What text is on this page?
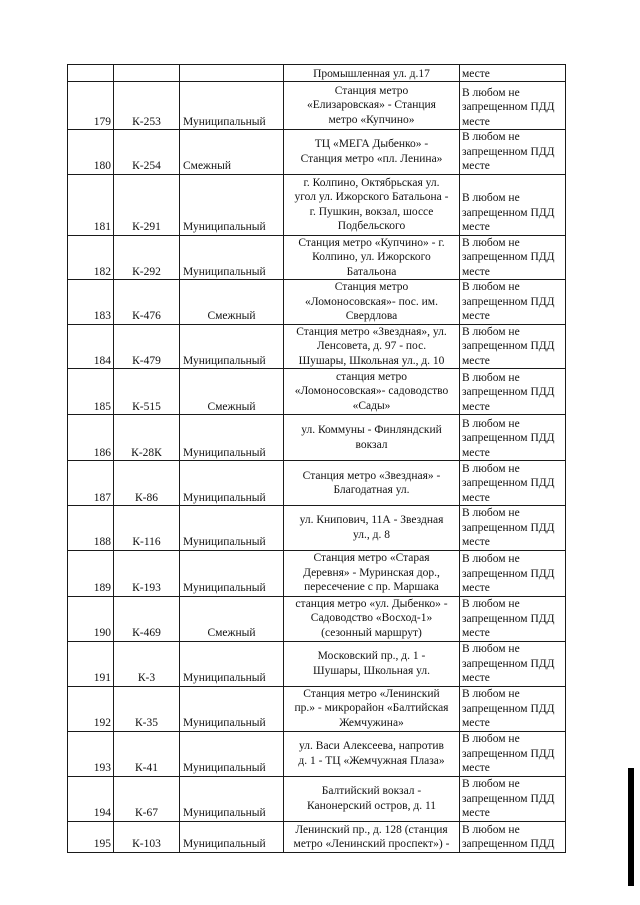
			Промышленная ул. д.17	месте
179	К-253	Муниципальный	Станция метро
«Елизаровская» - Станция
метро «Купчино»	В любом не
запрещенном ПДД
месте
180	К-254	Смежный	ТЦ «МЕГА Дыбенко» -
Станция метро «пл. Ленина»	В любом не
запрещенном ПДД
месте
181	К-291	Муниципальный	г. Колпино, Октябрьская ул.
угол ул. Ижорского Батальона -
г. Пушкин, вокзал, шоссе
Подбельского	В любом не
запрещенном ПДД
месте
182	К-292	Муниципальный	Станция метро «Купчино» - г.
Колпино, ул. Ижорского
Батальона	В любом не
запрещенном ПДД
месте
183	К-476	Смежный	Станция метро
«Ломоносовская»- пос. им.
Свердлова	В любом не
запрещенном ПДД
месте
184	К-479	Муниципальный	Станция метро «Звездная», ул.
Ленсовета, д. 97 - пос.
Шушары, Школьная ул., д. 10	В любом не
запрещенном ПДД
месте
185	К-515	Смежный	станция метро
«Ломоносовская»- садоводство
«Сады»	В любом не
запрещенном ПДД
месте
186	К-28К	Муниципальный	ул. Коммуны - Финляндский
вокзал	В любом не
запрещенном ПДД
месте
187	К-86	Муниципальный	Станция метро «Звездная» -
Благодатная ул.	В любом не
запрещенном ПДД
месте
188	К-116	Муниципальный	ул. Книпович, 11А - Звездная
ул., д. 8	В любом не
запрещенном ПДД
месте
189	К-193	Муниципальный	Станция метро «Старая
Деревня» - Муринская дор.,
пересечение с пр. Маршака	В любом не
запрещенном ПДД
месте
190	К-469	Смежный	станция метро «ул. Дыбенко» -
Садоводство «Восход-1»
(сезонный маршрут)	В любом не
запрещенном ПДД
месте
191	К-3	Муниципальный	Московский пр., д. 1 -
Шушары, Школьная ул.	В любом не
запрещенном ПДД
месте
192	К-35	Муниципальный	Станция метро «Ленинский
пр.» - микрорайон «Балтийская
Жемчужина»	В любом не
запрещенном ПДД
месте
193	К-41	Муниципальный	ул. Васи Алексеева, напротив
д. 1 - ТЦ «Жемчужная Плаза»	В любом не
запрещенном ПДД
месте
194	К-67	Муниципальный	Балтийский вокзал -
Канонерский остров, д. 11	В любом не
запрещенном ПДД
месте
195	К-103	Муниципальный	Ленинский пр., д. 128 (станция
метро «Ленинский проспект») -	В любом не
запрещенном ПДД
